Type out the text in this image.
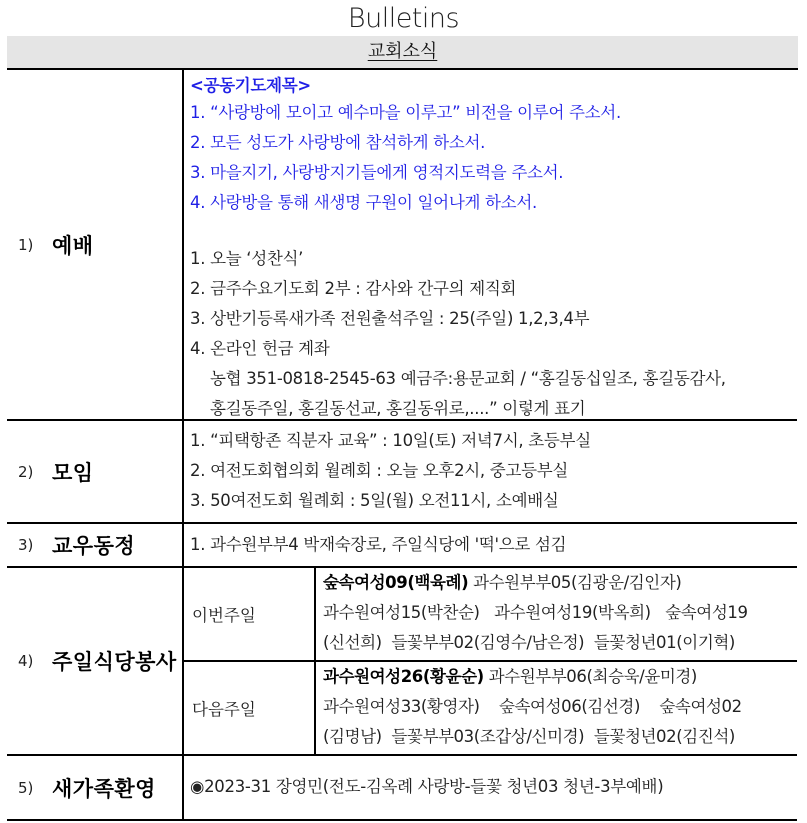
Bulletins
교회소식
1) 예배
<공동기도제목>
1. “사랑방에 모이고 예수마을 이루고” 비전을 이루어 주소서.
2. 모든 성도가 사랑방에 참석하게 하소서.
3. 마을지기, 사랑방지기들에게 영적지도력을 주소서.
4. 사랑방을 통해 새생명 구원이 일어나게 하소서.
1. 오늘 ‘성찬식’
2. 금주수요기도회 2부 : 감사와 간구의 제직회
3. 상반기등록새가족 전원출석주일 : 25(주일) 1,2,3,4부
4. 온라인 헌금 계좌
농협 351-0818-2545-63 예금주:용문교회 / “홍길동십일조, 홍길동감사,
홍길동주일, 홍길동선교, 홍길동위로,....” 이렇게 표기
2) 모임
1. “피택항존 직분자 교육” : 10일(토) 저녁7시, 초등부실
2. 여전도회협의회 월례회 : 오늘 오후2시, 중고등부실
3. 50여전도회 월례회 : 5일(월) 오전11시, 소예배실
3) 교우동정	1. 과수원부부4 박재숙장로, 주일식당에 '떡'으로 섬김
4) 주일식당봉사
이번주일
숲속여성09(백육례) 과수원부부05(김광운/김인자)
과수원여성15(박찬순)   과수원여성19(박옥희)   숲속여성19
(신선희)  들꽃부부02(김영수/남은정)  들꽃청년01(이기혁)
다음주일
과수원여성26(황윤순) 과수원부부06(최승욱/윤미경)
과수원여성33(황영자)    숲속여성06(김선경)    숲속여성02
(김명남)  들꽃부부03(조갑상/신미경)  들꽃청년02(김진석)
5) 새가족환영 ◉2023-31 장영민(전도-김옥례 사랑방-들꽃 청년03 청년-3부예배)
